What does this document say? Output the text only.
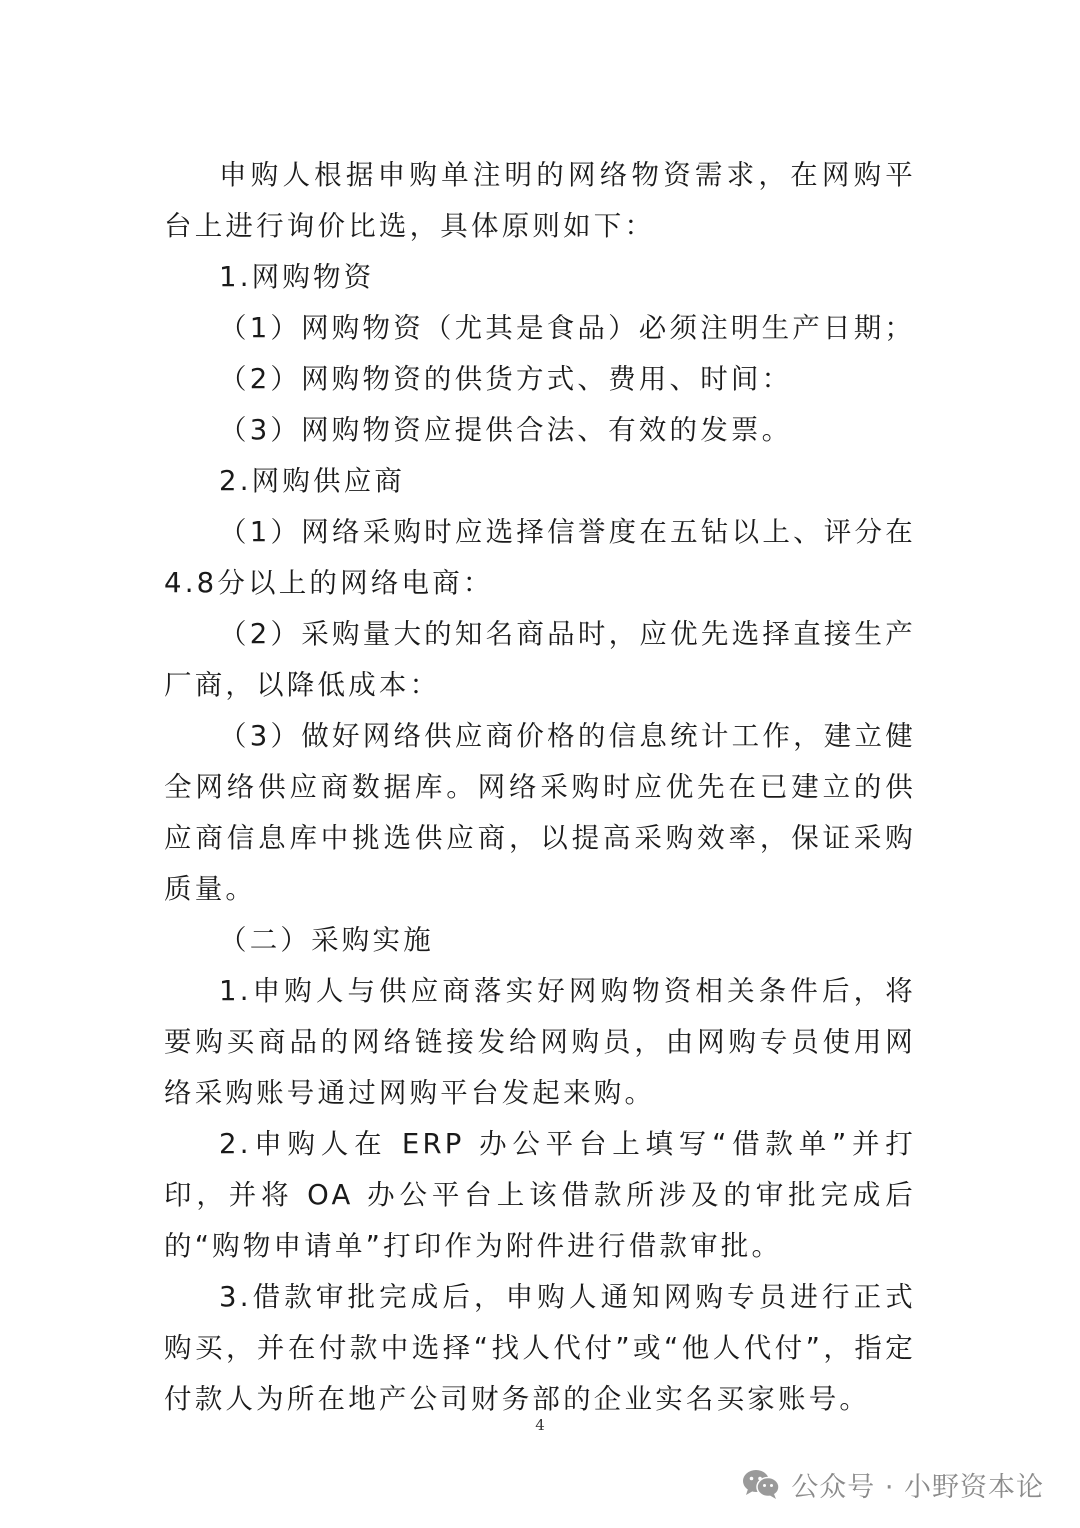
申购人根据申购单注明的网络物资需求，在网购平台上进行询价比选，具体原则如下：

1.网购物资

（1）网购物资（尤其是食品）必须注明生产日期；

（2）网购物资的供货方式、费用、时间：

（3）网购物资应提供合法、有效的发票。

2.网购供应商

（1）网络采购时应选择信誉度在五钻以上、评分在4.8分以上的网络电商：

（2）采购量大的知名商品时，应优先选择直接生产厂商，以降低成本：

（3）做好网络供应商价格的信息统计工作，建立健全网络供应商数据库。网络采购时应优先在已建立的供应商信息库中挑选供应商，以提高采购效率，保证采购质量。

（二）采购实施

1.申购人与供应商落实好网购物资相关条件后，将要购买商品的网络链接发给网购员，由网购专员使用网络采购账号通过网购平台发起来购。

2.申购人在 ERP 办公平台上填写“借款单”并打印，并将 OA 办公平台上该借款所涉及的审批完成后的“购物申请单”打印作为附件进行借款审批。

3.借款审批完成后，申购人通知网购专员进行正式购买，并在付款中选择“找人代付”或“他人代付”，指定付款人为所在地产公司财务部的企业实名买家账号。

4
公众号 · 小野资本论
